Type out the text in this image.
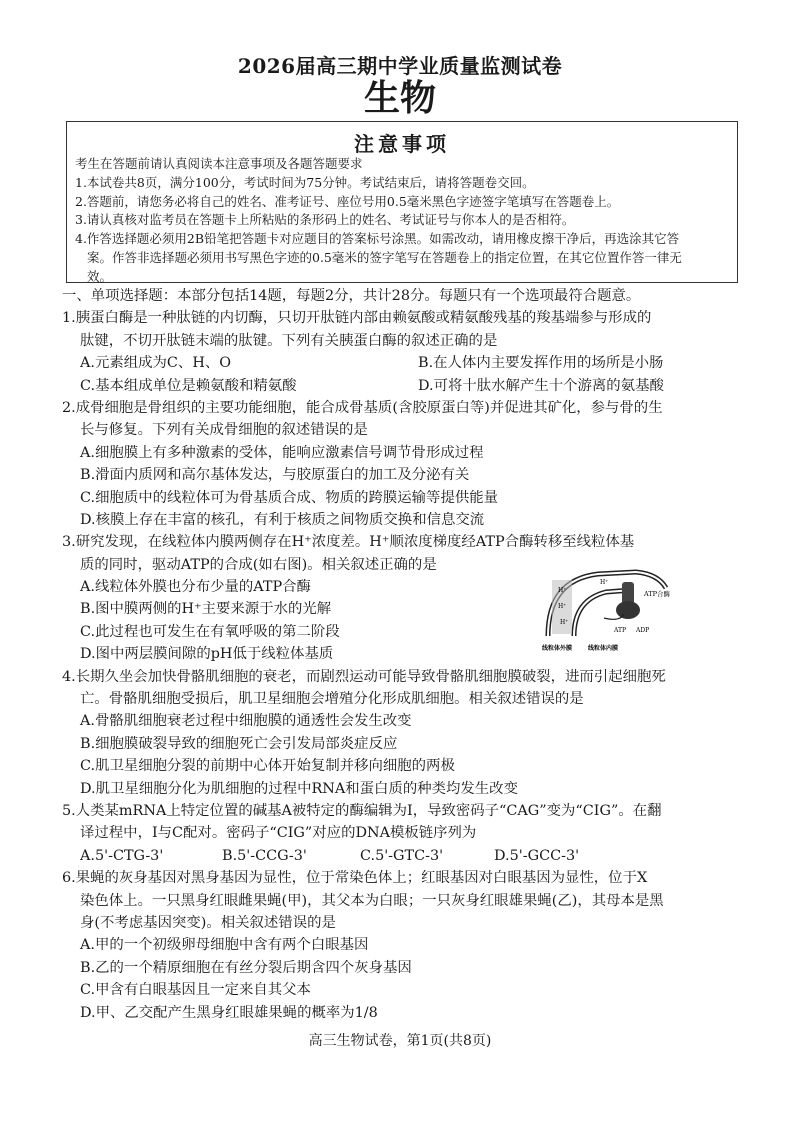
2026届高三期中学业质量监测试卷
生物
注意事项
考生在答题前请认真阅读本注意事项及各题答题要求
1.本试卷共8页，满分100分，考试时间为75分钟。考试结束后，请将答题卷交回。
2.答题前，请您务必将自己的姓名、准考证号、座位号用0.5毫米黑色字迹签字笔填写在答题卷上。
3.请认真核对监考员在答题卡上所粘贴的条形码上的姓名、考试证号与你本人的是否相符。
4.作答选择题必须用2B铅笔把答题卡对应题目的答案标号涂黑。如需改动，请用橡皮擦干净后，再选涂其它答
案。作答非选择题必须用书写黑色字迹的0.5毫米的签字笔写在答题卷上的指定位置，在其它位置作答一律无
效。
一、单项选择题：本部分包括14题，每题2分，共计28分。每题只有一个选项最符合题意。
1.胰蛋白酶是一种肽链的内切酶，只切开肽链内部由赖氨酸或精氨酸残基的羧基端参与形成的
肽键，不切开肽链末端的肽键。下列有关胰蛋白酶的叙述正确的是
A.元素组成为C、H、O	B.在人体内主要发挥作用的场所是小肠
C.基本组成单位是赖氨酸和精氨酸	D.可将十肽水解产生十个游离的氨基酸
2.成骨细胞是骨组织的主要功能细胞，能合成骨基质(含胶原蛋白等)并促进其矿化，参与骨的生
长与修复。下列有关成骨细胞的叙述错误的是
A.细胞膜上有多种激素的受体，能响应激素信号调节骨形成过程
B.滑面内质网和高尔基体发达，与胶原蛋白的加工及分泌有关
C.细胞质中的线粒体可为骨基质合成、物质的跨膜运输等提供能量
D.核膜上存在丰富的核孔，有利于核质之间物质交换和信息交流
3.研究发现，在线粒体内膜两侧存在H⁺浓度差。H⁺顺浓度梯度经ATP合酶转移至线粒体基
质的同时，驱动ATP的合成(如右图)。相关叙述正确的是
A.线粒体外膜也分布少量的ATP合酶
B.图中膜两侧的H⁺主要来源于水的光解
C.此过程也可发生在有氧呼吸的第二阶段
D.图中两层膜间隙的pH低于线粒体基质
4.长期久坐会加快骨骼肌细胞的衰老，而剧烈运动可能导致骨骼肌细胞膜破裂，进而引起细胞死
亡。骨骼肌细胞受损后，肌卫星细胞会增殖分化形成肌细胞。相关叙述错误的是
A.骨骼肌细胞衰老过程中细胞膜的通透性会发生改变
B.细胞膜破裂导致的细胞死亡会引发局部炎症反应
C.肌卫星细胞分裂的前期中心体开始复制并移向细胞的两极
D.肌卫星细胞分化为肌细胞的过程中RNA和蛋白质的种类均发生改变
5.人类某mRNA上特定位置的碱基A被特定的酶编辑为I，导致密码子“CAG”变为“CIG”。在翻
译过程中，I与C配对。密码子“CIG”对应的DNA模板链序列为
A.5'-CTG-3'	B.5'-CCG-3'	C.5'-GTC-3'	D.5'-GCC-3'
6.果蝇的灰身基因对黑身基因为显性，位于常染色体上；红眼基因对白眼基因为显性，位于X
染色体上。一只黑身红眼雌果蝇(甲)，其父本为白眼；一只灰身红眼雄果蝇(乙)，其母本是黑
身(不考虑基因突变)。相关叙述错误的是
A.甲的一个初级卵母细胞中含有两个白眼基因
B.乙的一个精原细胞在有丝分裂后期含四个灰身基因
C.甲含有白眼基因且一定来自其父本
D.甲、乙交配产生黑身红眼雄果蝇的概率为1/8
H⁺
H⁺
H⁺
H⁺
ATP合酶
ATP ADP
线粒体外膜	线粒体内膜
高三生物试卷，第1页(共8页)
